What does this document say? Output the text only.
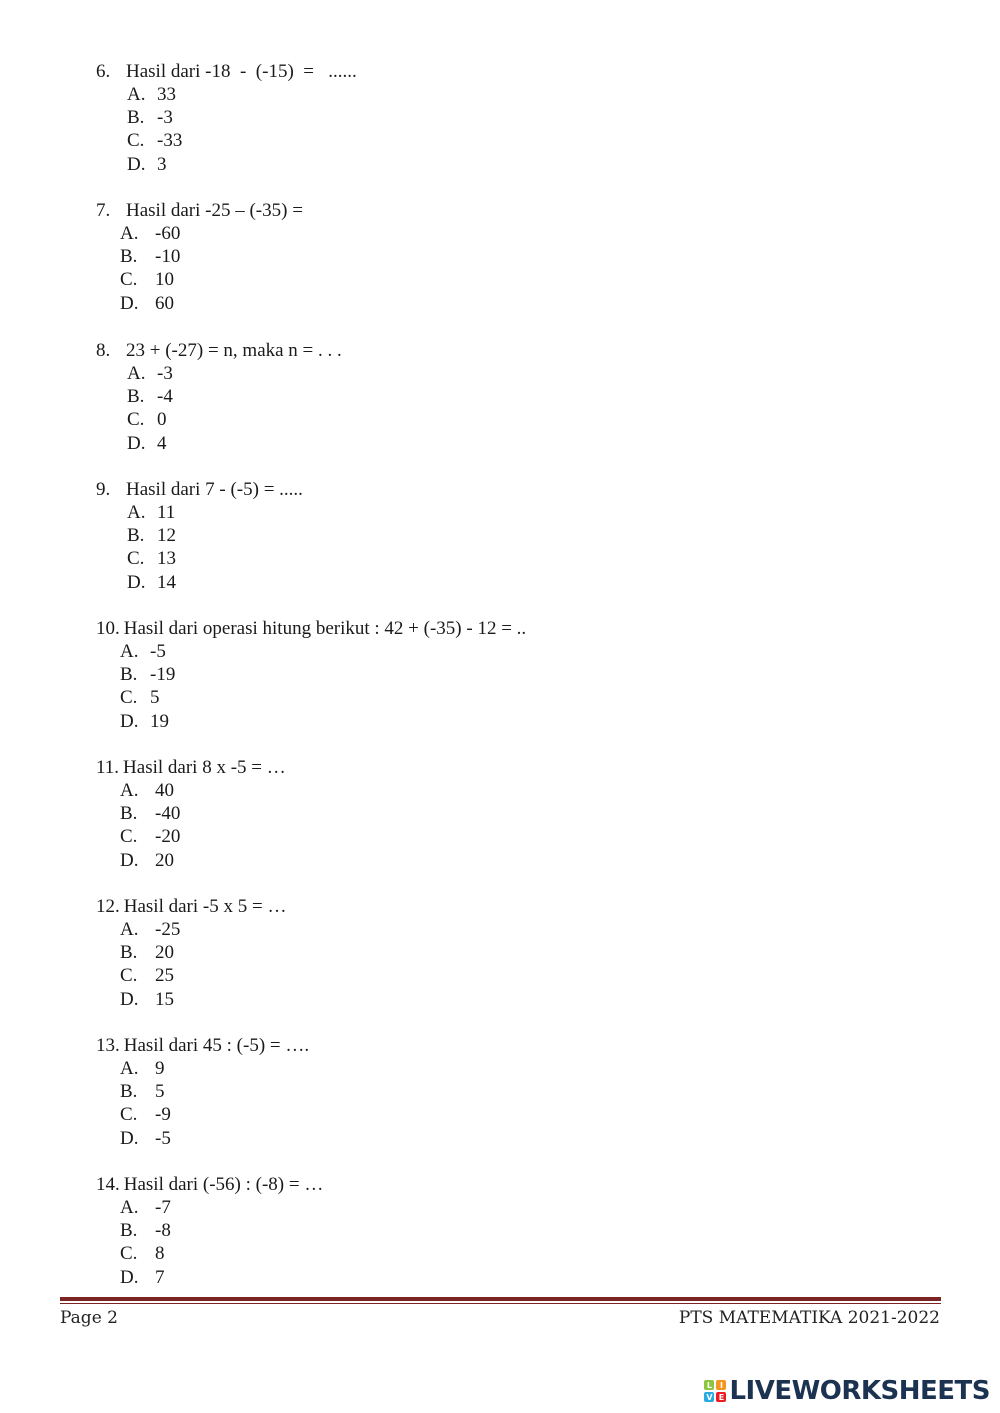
6. Hasil dari -18  -  (-15)  =   ......
A. 33
B. -3
C. -33
D. 3
7. Hasil dari -25 – (-35) =
A. -60
B. -10
C. 10
D. 60
8. 23 + (-27) = n, maka n = . . .
A. -3
B. -4
C. 0
D. 4
9. Hasil dari 7 - (-5) = .....
A. 11
B. 12
C. 13
D. 14
10. Hasil dari operasi hitung berikut : 42 + (-35) - 12 = ..
A. -5
B. -19
C. 5
D. 19
11. Hasil dari 8 x -5 = …
A. 40
B. -40
C. -20
D. 20
12. Hasil dari -5 x 5 = …
A. -25
B. 20
C. 25
D. 15
13. Hasil dari 45 : (-5) = ….
A. 9
B. 5
C. -9
D. -5
14. Hasil dari (-56) : (-8) = …
A. -7
B. -8
C. 8
D. 7
Page 2	PTS MATEMATIKA 2021-2022
L I
V E LIVEWORKSHEETS
